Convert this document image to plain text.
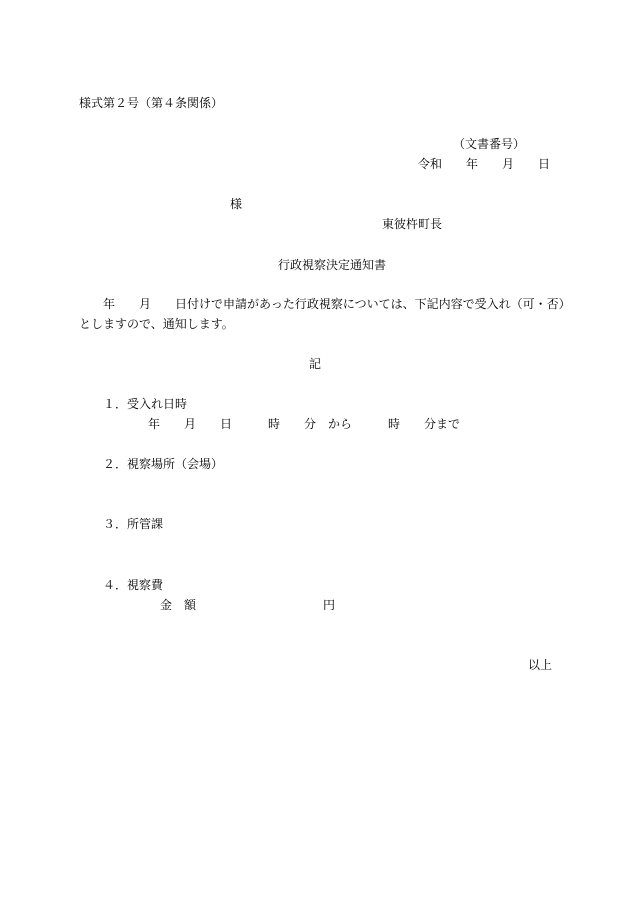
様式第２号（第４条関係）
（文書番号）
令和　　年　　月　　日
様
東彼杵町長
行政視察決定通知書
　　年　　月　　日付けで申請があった行政視察については、下記内容で受入れ（可・否）
としますので、通知します。
記
１．受入れ日時
年　　月　　日　　　時　　分　から　　　時　　分まで
２．視察場所（会場）
３．所管課
４．視察費
金　額	円
以上
